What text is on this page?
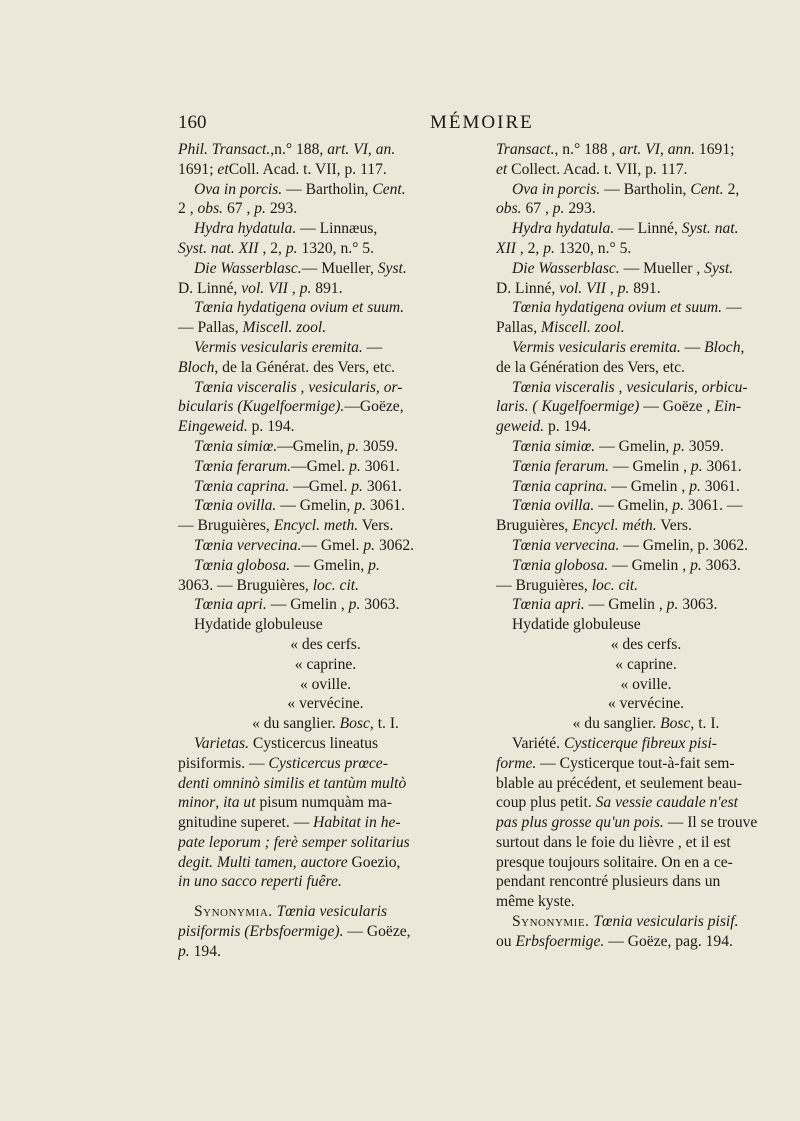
160	MÉMOIRE
Phil. Transact.,n.° 188, art. VI, an.
1691; etColl. Acad. t. VII, p. 117.
Ova in porcis. — Bartholin, Cent.
2 , obs. 67 , p. 293.
Hydra hydatula. — Linnæus,
Syst. nat. XII , 2, p. 1320, n.° 5.
Die Wasserblasc.— Mueller, Syst.
D. Linné, vol. VII , p. 891.
Tœnia hydatigena ovium et suum.
— Pallas, Miscell. zool.
Vermis vesicularis eremita. —
Bloch, de la Générat. des Vers, etc.
Tœnia visceralis , vesicularis, or-
bicularis (Kugelfoermige).—Goëze,
Eingeweid. p. 194.
Tœnia simiœ.—Gmelin, p. 3059.
Tœnia ferarum.—Gmel. p. 3061.
Tœnia caprina. —Gmel. p. 3061.
Tœnia ovilla. — Gmelin, p. 3061.
— Bruguières, Encycl. meth. Vers.
Tœnia vervecina.— Gmel. p. 3062.
Tœnia globosa. — Gmelin, p.
3063. — Bruguières, loc. cit.
Tœnia apri. — Gmelin , p. 3063.
Hydatide globuleuse
« des cerfs.
« caprine.
« oville.
« vervécine.
« du sanglier. Bosc, t. I.
Varietas. Cysticercus lineatus
pisiformis. — Cysticercus prœce-
denti omninò similis et tantùm multò
minor, ita ut pisum numquàm ma-
gnitudine superet. — Habitat in he-
pate leporum ; ferè semper solitarius
degit. Multi tamen, auctore Goezio,
in uno sacco reperti fuêre.
Synonymia. Tœnia vesicularis
pisiformis (Erbsfoermige). — Goëze,
p. 194.
Transact., n.° 188 , art. VI, ann. 1691;
et Collect. Acad. t. VII, p. 117.
Ova in porcis. — Bartholin, Cent. 2,
obs. 67 , p. 293.
Hydra hydatula. — Linné, Syst. nat.
XII , 2, p. 1320, n.° 5.
Die Wasserblasc. — Mueller , Syst.
D. Linné, vol. VII , p. 891.
Tœnia hydatigena ovium et suum. —
Pallas, Miscell. zool.
Vermis vesicularis eremita. — Bloch,
de la Génération des Vers, etc.
Tœnia visceralis , vesicularis, orbicu-
laris. ( Kugelfoermige) — Goëze , Ein-
geweid. p. 194.
Tœnia simiœ. — Gmelin, p. 3059.
Tœnia ferarum. — Gmelin , p. 3061.
Tœnia caprina. — Gmelin , p. 3061.
Tœnia ovilla. — Gmelin, p. 3061. —
Bruguières, Encycl. méth. Vers.
Tœnia vervecina. — Gmelin, p. 3062.
Tœnia globosa. — Gmelin , p. 3063.
— Bruguières, loc. cit.
Tœnia apri. — Gmelin , p. 3063.
Hydatide globuleuse
« des cerfs.
« caprine.
« oville.
« vervécine.
« du sanglier. Bosc, t. I.
Variété. Cysticerque fibreux pisi-
forme. — Cysticerque tout-à-fait sem-
blable au précédent, et seulement beau-
coup plus petit. Sa vessie caudale n'est
pas plus grosse qu'un pois. — Il se trouve
surtout dans le foie du lièvre , et il est
presque toujours solitaire. On en a ce-
pendant rencontré plusieurs dans un
même kyste.
Synonymie. Tœnia vesicularis pisif.
ou Erbsfoermige. — Goëze, pag. 194.
